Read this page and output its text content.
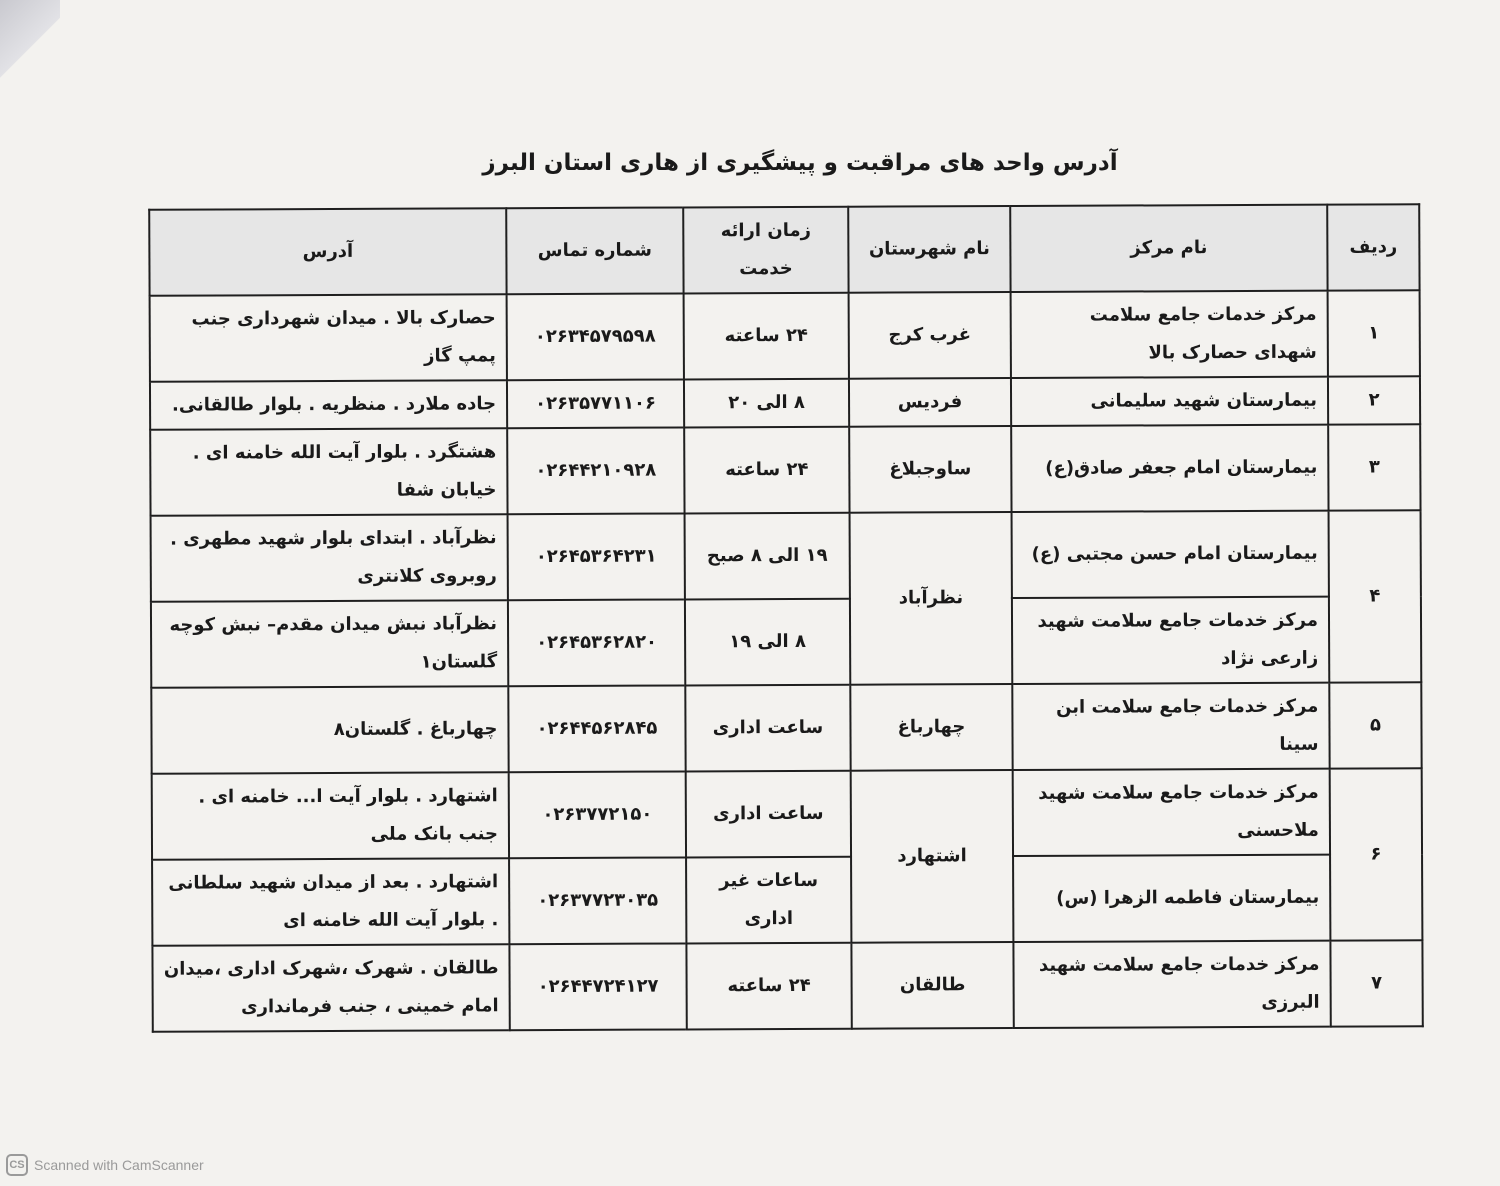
آدرس واحد های مراقبت و پیشگیری از هاری استان البرز
ردیف	نام مرکز	نام شهرستان	زمان ارائه خدمت	شماره تماس	آدرس
۱	مرکز خدمات جامع سلامت شهدای حصارک بالا	غرب کرج	۲۴ ساعته	۰۲۶۳۴۵۷۹۵۹۸	حصارک بالا . میدان شهرداری جنب پمپ گاز
۲	بیمارستان شهید سلیمانی	فردیس	۸ الی ۲۰	۰۲۶۳۵۷۷۱۱۰۶	جاده ملارد . منظریه . بلوار طالقانی.
۳	بیمارستان امام جعفر صادق(ع)	ساوجبلاغ	۲۴ ساعته	۰۲۶۴۴۲۱۰۹۲۸	هشتگرد . بلوار آیت الله خامنه ای . خیابان شفا
۴	بیمارستان امام حسن مجتبی (ع)	نظرآباد	۱۹ الی ۸ صبح	۰۲۶۴۵۳۶۴۲۳۱	نظرآباد . ابتدای بلوار شهید مطهری . روبروی کلانتری
	مرکز خدمات جامع سلامت شهید زارعی نژاد		۸ الی ۱۹	۰۲۶۴۵۳۶۲۸۲۰	نظرآباد نبش میدان مقدم– نبش کوچه گلستان۱
۵	مرکز خدمات جامع سلامت ابن سینا	چهارباغ	ساعت اداری	۰۲۶۴۴۵۶۲۸۴۵	چهارباغ . گلستان۸
۶	مرکز خدمات جامع سلامت شهید ملاحسنی	اشتهارد	ساعت اداری	۰۲۶۳۷۷۲۱۵۰	اشتهارد . بلوار آیت ا... خامنه ای . جنب بانک ملی
	بیمارستان فاطمه الزهرا (س)		ساعات غیر اداری	۰۲۶۳۷۷۲۳۰۳۵	اشتهارد . بعد از میدان شهید سلطانی . بلوار آیت الله خامنه ای
۷	مرکز خدمات جامع سلامت شهید البرزی	طالقان	۲۴ ساعته	۰۲۶۴۴۷۲۴۱۲۷	طالقان . شهرک ،شهرک اداری ،میدان امام خمینی ، جنب فرمانداری
CS Scanned with CamScanner
